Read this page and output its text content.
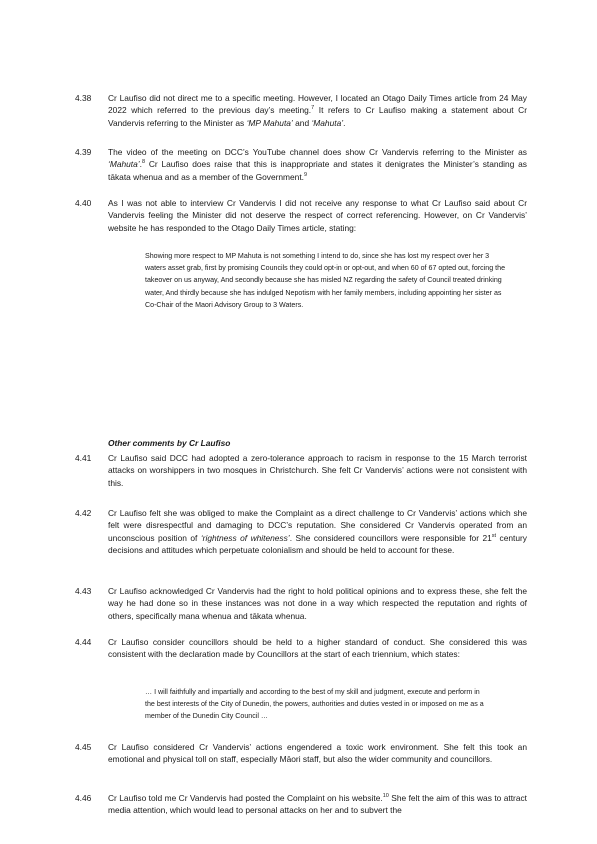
4.38	Cr Laufiso did not direct me to a specific meeting. However, I located an Otago Daily Times article from 24 May 2022 which referred to the previous day’s meeting.$^7$ It refers to Cr Laufiso making a statement about Cr Vandervis referring to the Minister as ‘MP Mahuta’ and ‘Mahuta’.
4.39	The video of the meeting on DCC’s YouTube channel does show Cr Vandervis referring to the Minister as ‘Mahuta’.$^8$ Cr Laufiso does raise that this is inappropriate and states it denigrates the Minister’s standing as tākata whenua and as a member of the Government.$^9$
4.40	As I was not able to interview Cr Vandervis I did not receive any response to what Cr Laufiso said about Cr Vandervis feeling the Minister did not deserve the respect of correct referencing. However, on Cr Vandervis’ website he has responded to the Otago Daily Times article, stating:

Showing more respect to MP Mahuta is not something I intend to do, since she has lost my respect over her 3 waters asset grab, first by promising Councils they could opt-in or opt-out, and when 60 of 67 opted out, forcing the takeover on us anyway, And secondly because she has misled NZ regarding the safety of Council treated drinking water, And thirdly because she has indulged Nepotism with her family members, including appointing her sister as Co-Chair of the Maori Advisory Group to 3 Waters.

Other comments by Cr Laufiso
4.41	Cr Laufiso said DCC had adopted a zero-tolerance approach to racism in response to the 15 March terrorist attacks on worshippers in two mosques in Christchurch. She felt Cr Vandervis’ actions were not consistent with this.
4.42	Cr Laufiso felt she was obliged to make the Complaint as a direct challenge to Cr Vandervis’ actions which she felt were disrespectful and damaging to DCC’s reputation. She considered Cr Vandervis operated from an unconscious position of ‘rightness of whiteness’. She considered councillors were responsible for 21st century decisions and attitudes which perpetuate colonialism and should be held to account for these.
4.43	Cr Laufiso acknowledged Cr Vandervis had the right to hold political opinions and to express these, she felt the way he had done so in these instances was not done in a way which respected the reputation and rights of others, specifically mana whenua and tākata whenua.
4.44	Cr Laufiso consider councillors should be held to a higher standard of conduct. She considered this was consistent with the declaration made by Councillors at the start of each triennium, which states:

… I will faithfully and impartially and according to the best of my skill and judgment, execute and perform in the best interests of the City of Dunedin, the powers, authorities and duties vested in or imposed on me as a member of the Dunedin City Council …

4.45	Cr Laufiso considered Cr Vandervis’ actions engendered a toxic work environment. She felt this took an emotional and physical toll on staff, especially Māori staff, but also the wider community and councillors.
4.46	Cr Laufiso told me Cr Vandervis had posted the Complaint on his website.$^{10}$ She felt the aim of this was to attract media attention, which would lead to personal attacks on her and to subvert the
